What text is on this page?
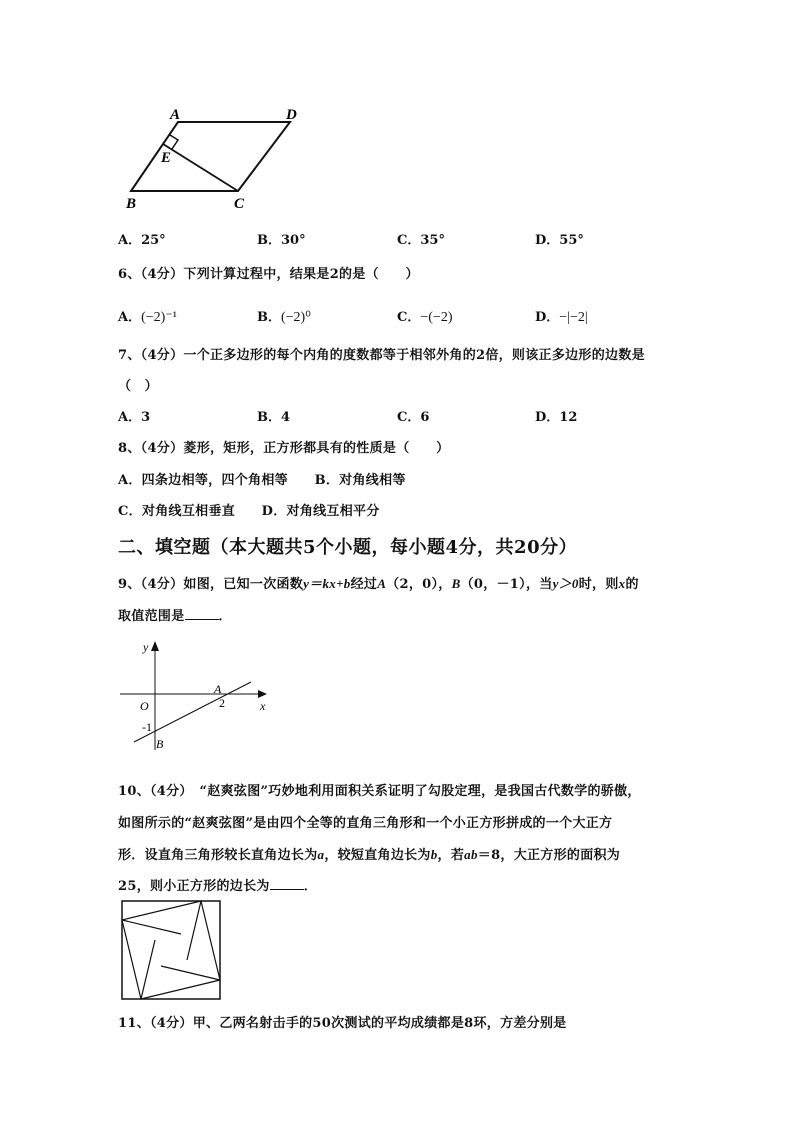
A	D
E
B	C
A．25°	B．30°	C．35°	D．55°
6、（4分）下列计算过程中，结果是2的是（　　）
A．(−2)⁻¹	B．(−2)⁰	C．−(−2)	D．−|−2|
7、（4分）一个正多边形的每个内角的度数都等于相邻外角的2倍，则该正多边形的边数是
（　）
A．3	B．4	C．6	D．12
8、（4分）菱形，矩形，正方形都具有的性质是（　　）
A．四条边相等，四个角相等　　B．对角线相等
C．对角线互相垂直　　D．对角线互相平分
二、填空题（本大题共5个小题，每小题4分，共20分）
9、（4分）如图，已知一次函数y＝kx+b经过A（2，0），B（0，－1），当y＞0时，则x的
取值范围是	．
y
x
O
A
2
-1
B
10、（4分）　“赵爽弦图”巧妙地利用面积关系证明了勾股定理，是我国古代数学的骄傲，
如图所示的“赵爽弦图”是由四个全等的直角三角形和一个小正方形拼成的一个大正方
形．设直角三角形较长直角边长为a，较短直角边长为b，若ab＝8，大正方形的面积为
25，则小正方形的边长为	．
11、（4分）甲、乙两名射击手的50次测试的平均成绩都是8环，方差分别是
